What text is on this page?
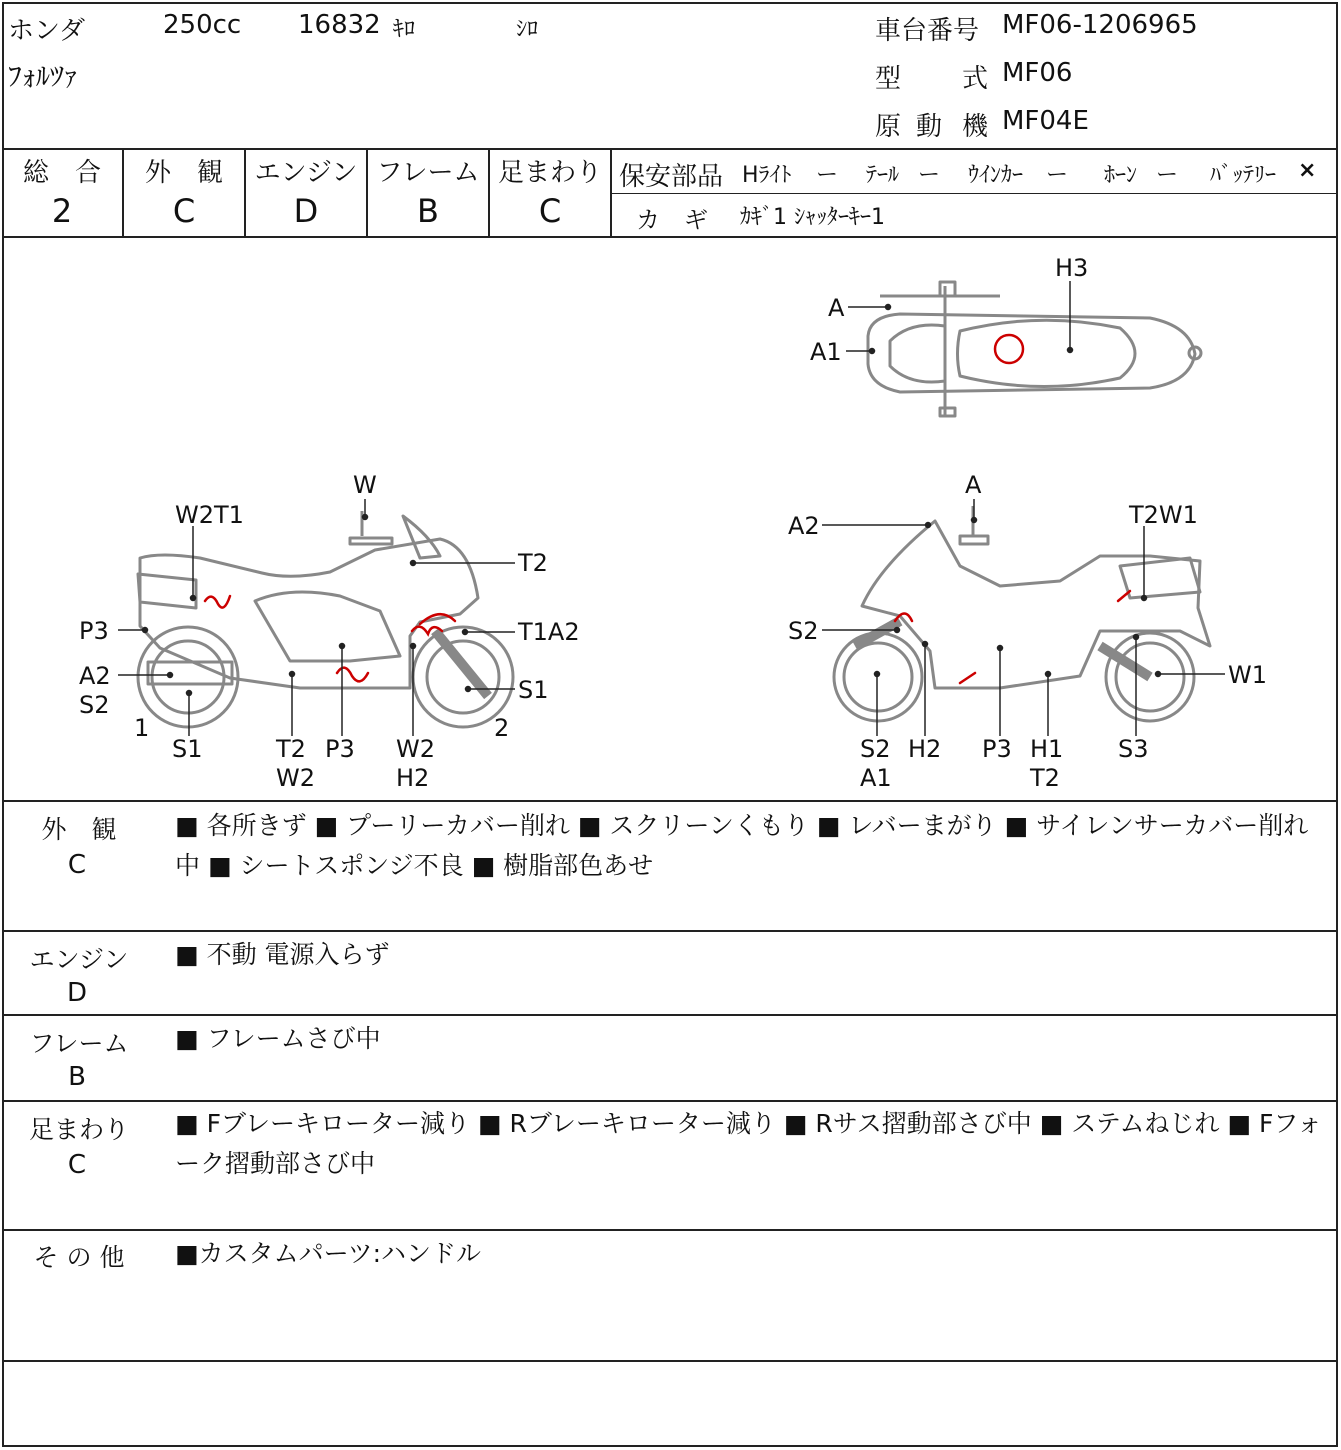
ホンダ	250cc 16832 ｷﾛ	ｼﾛ
ﾌｫﾙﾂｧ
車台番号 MF06-1206965
型 式 MF06
原 動 機 MF04E
総　合
2
外　観
C
エンジン
D
フレーム
B
足まわり
C
保安部品 Hﾗｲﾄ ー ﾃｰﾙ ー ｳｲﾝｶｰ ー ﾎｰﾝ ー ﾊﾞｯﾃﾘｰ ×
カ　ギ ｶｷﾞ1 ｼｬｯﾀｰｷｰ1
W
W2T1
T2
P3	T1A2
A2
S2
S1
1
S1	T2
W2
P3 W2
H2
2
A
A2	T2W1
S2
W1
S2
A1
H2 P3 H1
T2
S3
H3
A
A1
外　観
C
■ 各所きず ■ プーリーカバー削れ ■ スクリーンくもり ■ レバーまがり ■ サイレンサーカバー削れ中 ■ シートスポンジ不良 ■ 樹脂部色あせ
エンジン
D
■ 不動 電源入らず
フレーム
B
■ フレームさび中
足まわり
C
■ Fブレーキローター減り ■ Rブレーキローター減り ■ Rサス摺動部さび中 ■ ステムねじれ ■ Fフォーク摺動部さび中
そ の 他	■カスタムパーツ:ハンドル
